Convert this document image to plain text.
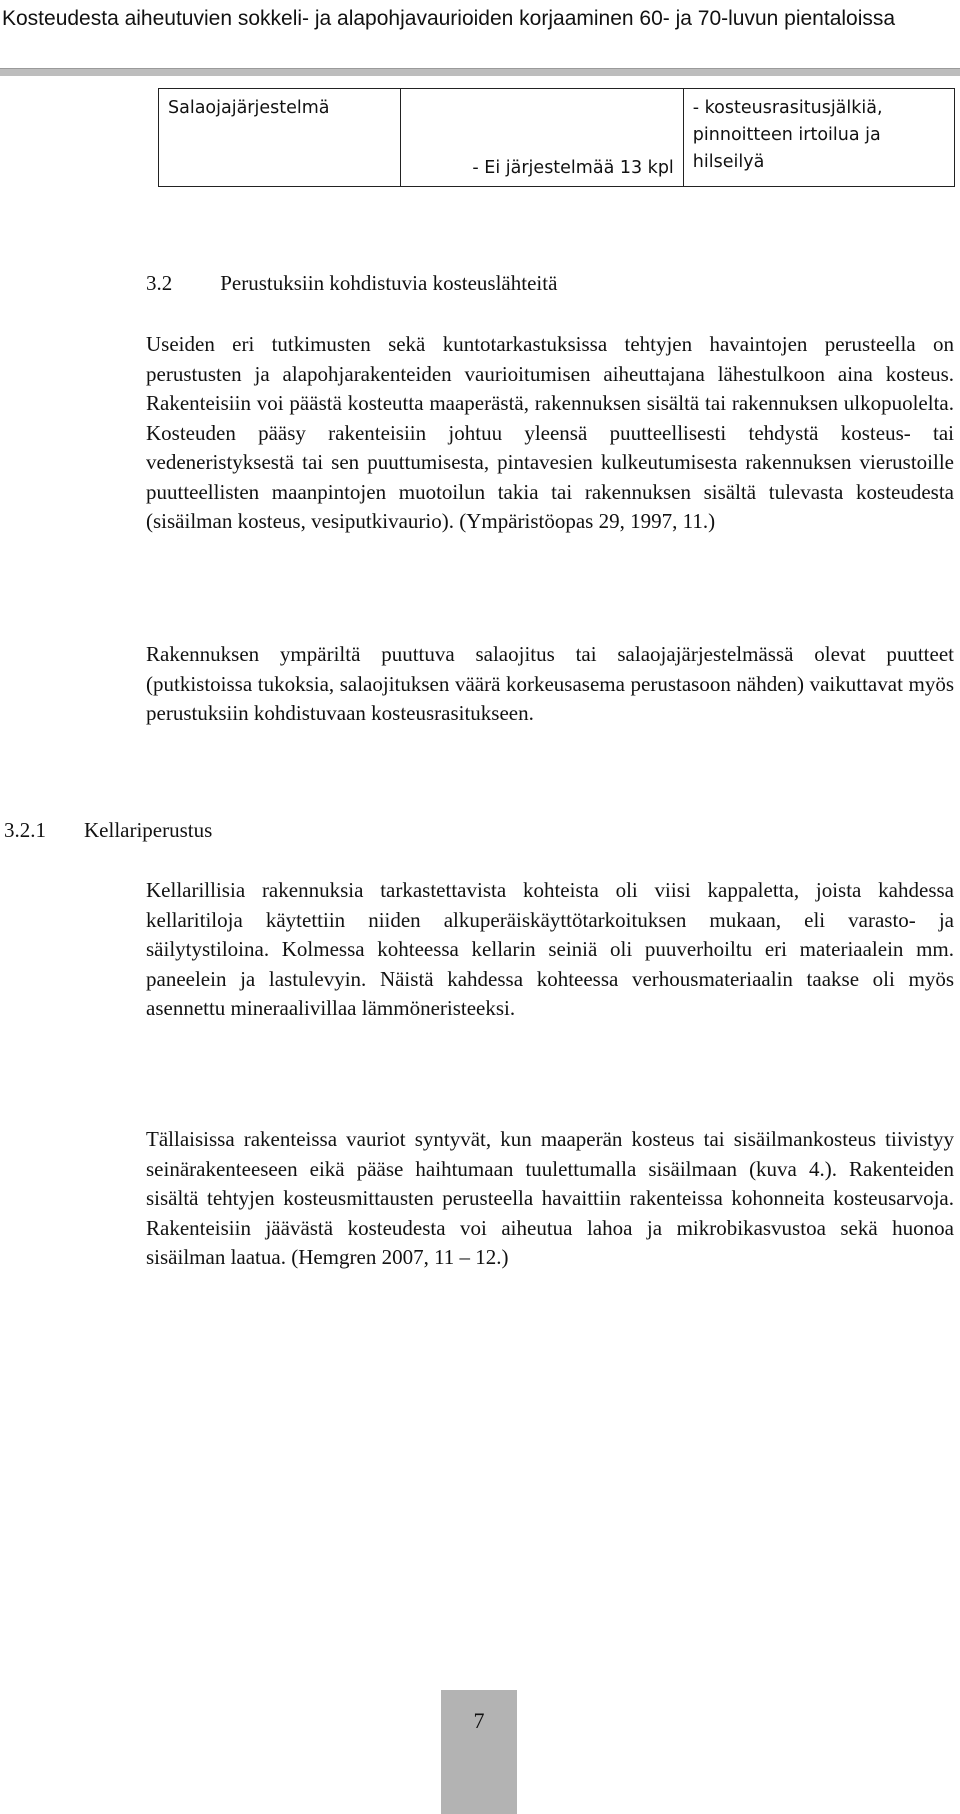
Kosteudesta aiheutuvien sokkeli- ja alapohjavaurioiden korjaaminen 60- ja 70-luvun pientaloissa
Salaojajärjestelmä	- Ei järjestelmää 13 kpl	- kosteusrasitusjälkiä, pinnoitteen irtoilua ja hilseilyä
3.2 Perustuksiin kohdistuvia kosteuslähteitä
Useiden eri tutkimusten sekä kuntotarkastuksissa tehtyjen havaintojen perusteella on perustusten ja alapohjarakenteiden vaurioitumisen aiheuttajana lähestulkoon aina kosteus. Rakenteisiin voi päästä kosteutta maaperästä, rakennuksen sisältä tai rakennuksen ulkopuolelta. Kosteuden pääsy rakenteisiin johtuu yleensä puutteellisesti tehdystä kosteus- tai vedeneristyksestä tai sen puuttumisesta, pintavesien kulkeutumisesta rakennuksen vierustoille puutteellisten maanpintojen muotoilun takia tai rakennuksen sisältä tulevasta kosteudesta (sisäilman kosteus, vesiputkivaurio). (Ympäristöopas 29, 1997, 11.)
Rakennuksen ympäriltä puuttuva salaojitus tai salaojajärjestelmässä olevat puutteet (putkistoissa tukoksia, salaojituksen väärä korkeusasema perustasoon nähden) vaikuttavat myös perustuksiin kohdistuvaan kosteusrasitukseen.
3.2.1 Kellariperustus
Kellarillisia rakennuksia tarkastettavista kohteista oli viisi kappaletta, joista kahdessa kellaritiloja käytettiin niiden alkuperäiskäyttötarkoituksen mukaan, eli varasto- ja säilytystiloina. Kolmessa kohteessa kellarin seiniä oli puuverhoiltu eri materiaalein mm. paneelein ja lastulevyin. Näistä kahdessa kohteessa verhousmateriaalin taakse oli myös asennettu mineraalivillaa lämmöneristeeksi.
Tällaisissa rakenteissa vauriot syntyvät, kun maaperän kosteus tai sisäilmankosteus tiivistyy seinärakenteeseen eikä pääse haihtumaan tuulettumalla sisäilmaan (kuva 4.). Rakenteiden sisältä tehtyjen kosteusmittausten perusteella havaittiin rakenteissa kohonneita kosteusarvoja. Rakenteisiin jäävästä kosteudesta voi aiheutua lahoa ja mikrobikasvustoa sekä huonoa sisäilman laatua. (Hemgren 2007, 11 – 12.)
7
